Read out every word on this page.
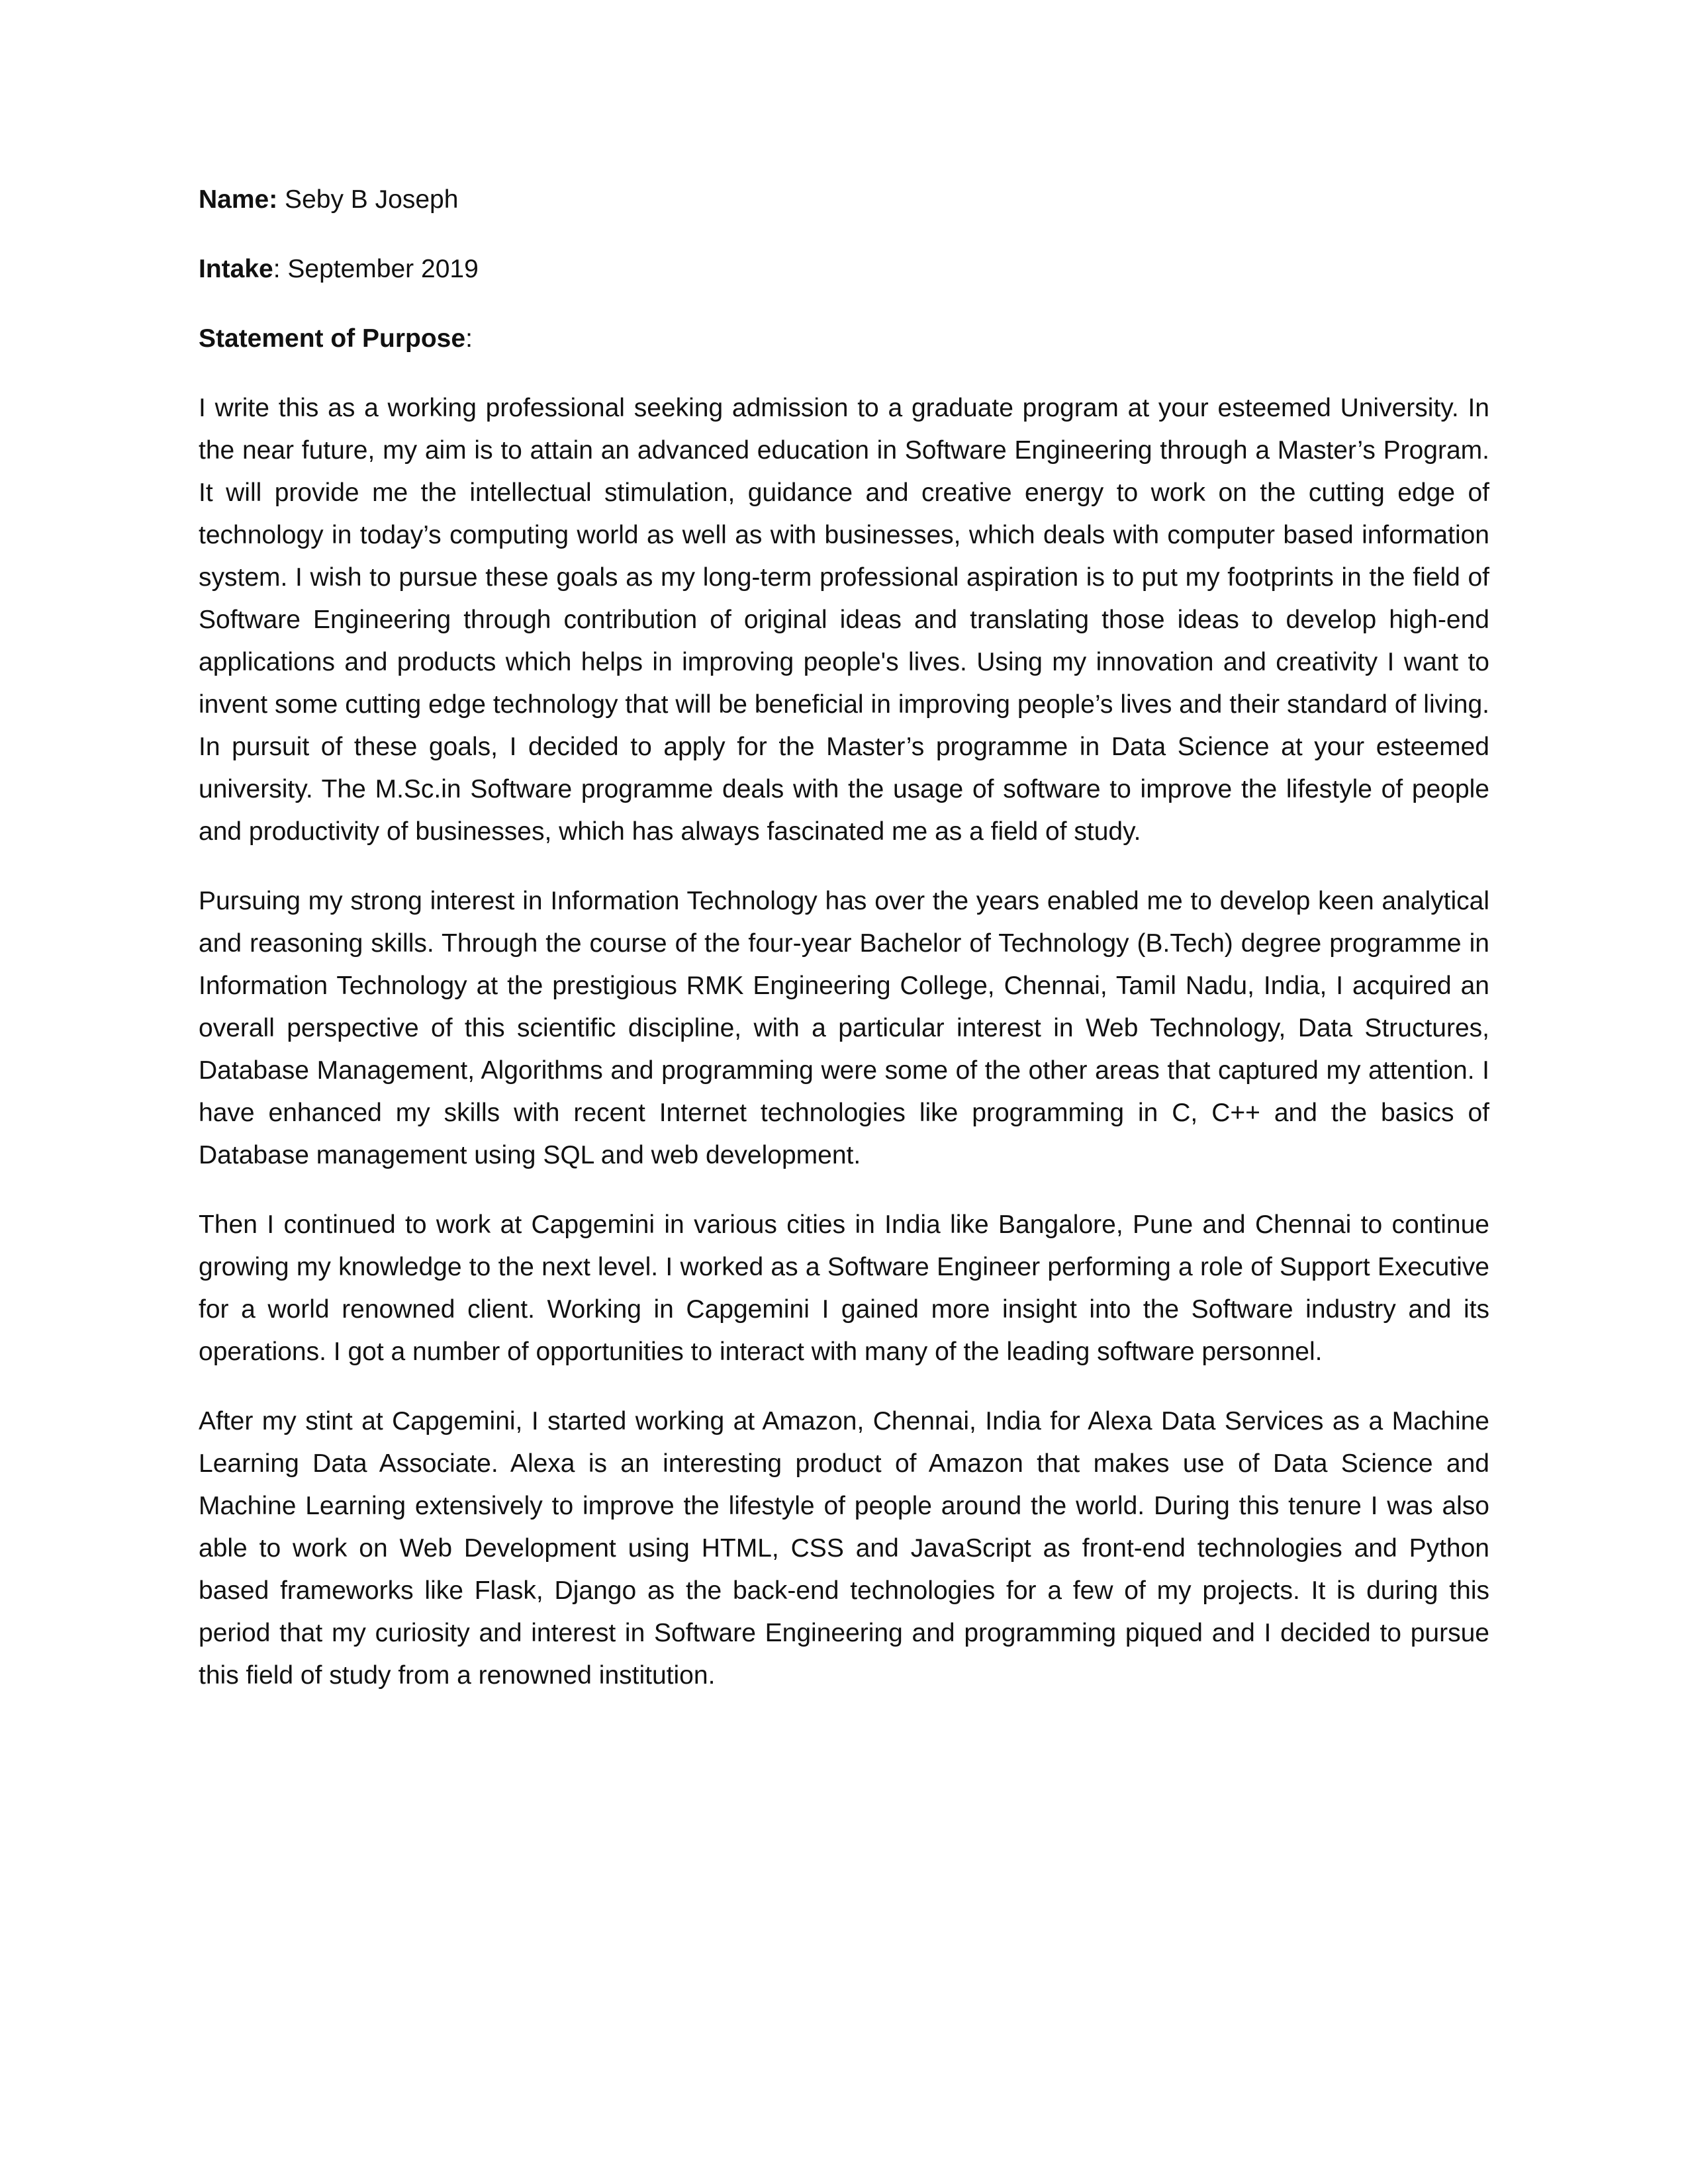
Name: Seby B Joseph

Intake: September 2019

Statement of Purpose:

I write this as a working professional seeking admission to a graduate program at your esteemed University. In the near future, my aim is to attain an advanced education in Software Engineering through a Master’s Program. It will provide me the intellectual stimulation, guidance and creative energy to work on the cutting edge of technology in today’s computing world as well as with businesses, which deals with computer based information system. I wish to pursue these goals as my long-term professional aspiration is to put my footprints in the field of Software Engineering through contribution of original ideas and translating those ideas to develop high-end applications and products which helps in improving people's lives. Using my innovation and creativity I want to invent some cutting edge technology that will be beneficial in improving people’s lives and their standard of living. In pursuit of these goals, I decided to apply for the Master’s programme in Data Science at your esteemed university. The M.Sc.in Software programme deals with the usage of software to improve the lifestyle of people and productivity of businesses, which has always fascinated me as a field of study.

Pursuing my strong interest in Information Technology has over the years enabled me to develop keen analytical and reasoning skills. Through the course of the four-year Bachelor of Technology (B.Tech) degree programme in Information Technology at the prestigious RMK Engineering College, Chennai, Tamil Nadu, India, I acquired an overall perspective of this scientific discipline, with a particular interest in Web Technology, Data Structures, Database Management, Algorithms and programming were some of the other areas that captured my attention. I have enhanced my skills with recent Internet technologies like programming in C, C++ and the basics of Database management using SQL and web development.

Then I continued to work at Capgemini in various cities in India like Bangalore, Pune and Chennai to continue growing my knowledge to the next level. I worked as a Software Engineer performing a role of Support Executive for a world renowned client. Working in Capgemini I gained more insight into the Software industry and its operations. I got a number of opportunities to interact with many of the leading software personnel.

After my stint at Capgemini, I started working at Amazon, Chennai, India for Alexa Data Services as a Machine Learning Data Associate. Alexa is an interesting product of Amazon that makes use of Data Science and Machine Learning extensively to improve the lifestyle of people around the world. During this tenure I was also able to work on Web Development using HTML, CSS and JavaScript as front-end technologies and Python based frameworks like Flask, Django as the back-end technologies for a few of my projects. It is during this period that my curiosity and interest in Software Engineering and programming piqued and I decided to pursue this field of study from a renowned institution.
